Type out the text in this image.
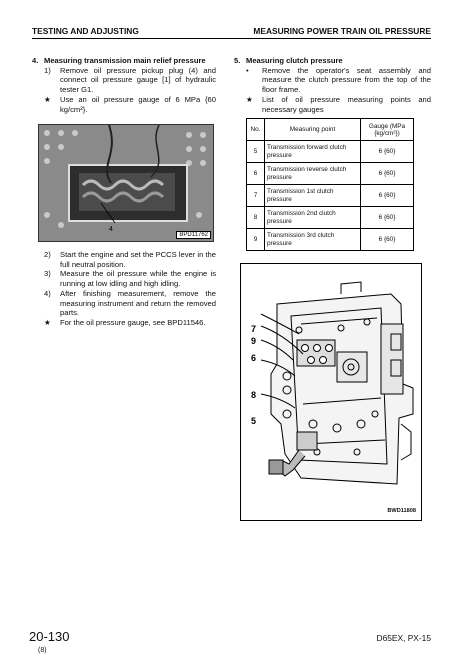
TESTING AND ADJUSTING	MEASURING POWER TRAIN OIL PRESSURE
4. Measuring transmission main relief pressure
1)	Remove oil pressure pickup plug (4) and connect oil pressure gauge [1] of hydraulic tester G1.
★	Use an oil pressure gauge of 6 MPa {60 kg/cm²}.
4
BPD11762
2)	Start the engine and set the PCCS lever in the full neutral position.
3)	Measure the oil pressure while the engine is running at low idling and high idling.
4)	After finishing measurement, remove the measuring instrument and return the removed parts.
★	For the oil pressure gauge, see BPD11546.
5. Measuring clutch pressure
•	Remove the operator's seat assembly and measure the clutch pressure from the top of the floor frame.
★	List of oil pressure measuring points and necessary gauges
No.	Measuring point	Gauge (MPa {kg/cm²})
5	Transmission forward clutch pressure	6 {60}
6	Transmission reverse clutch pressure	6 {60}
7	Transmission 1st clutch pressure	6 {60}
8	Transmission 2nd clutch pressure	6 {60}
9	Transmission 3rd clutch pressure	6 {60}
7
9
6
8
5
BWD11808
20-130
(8)
D65EX, PX-15
